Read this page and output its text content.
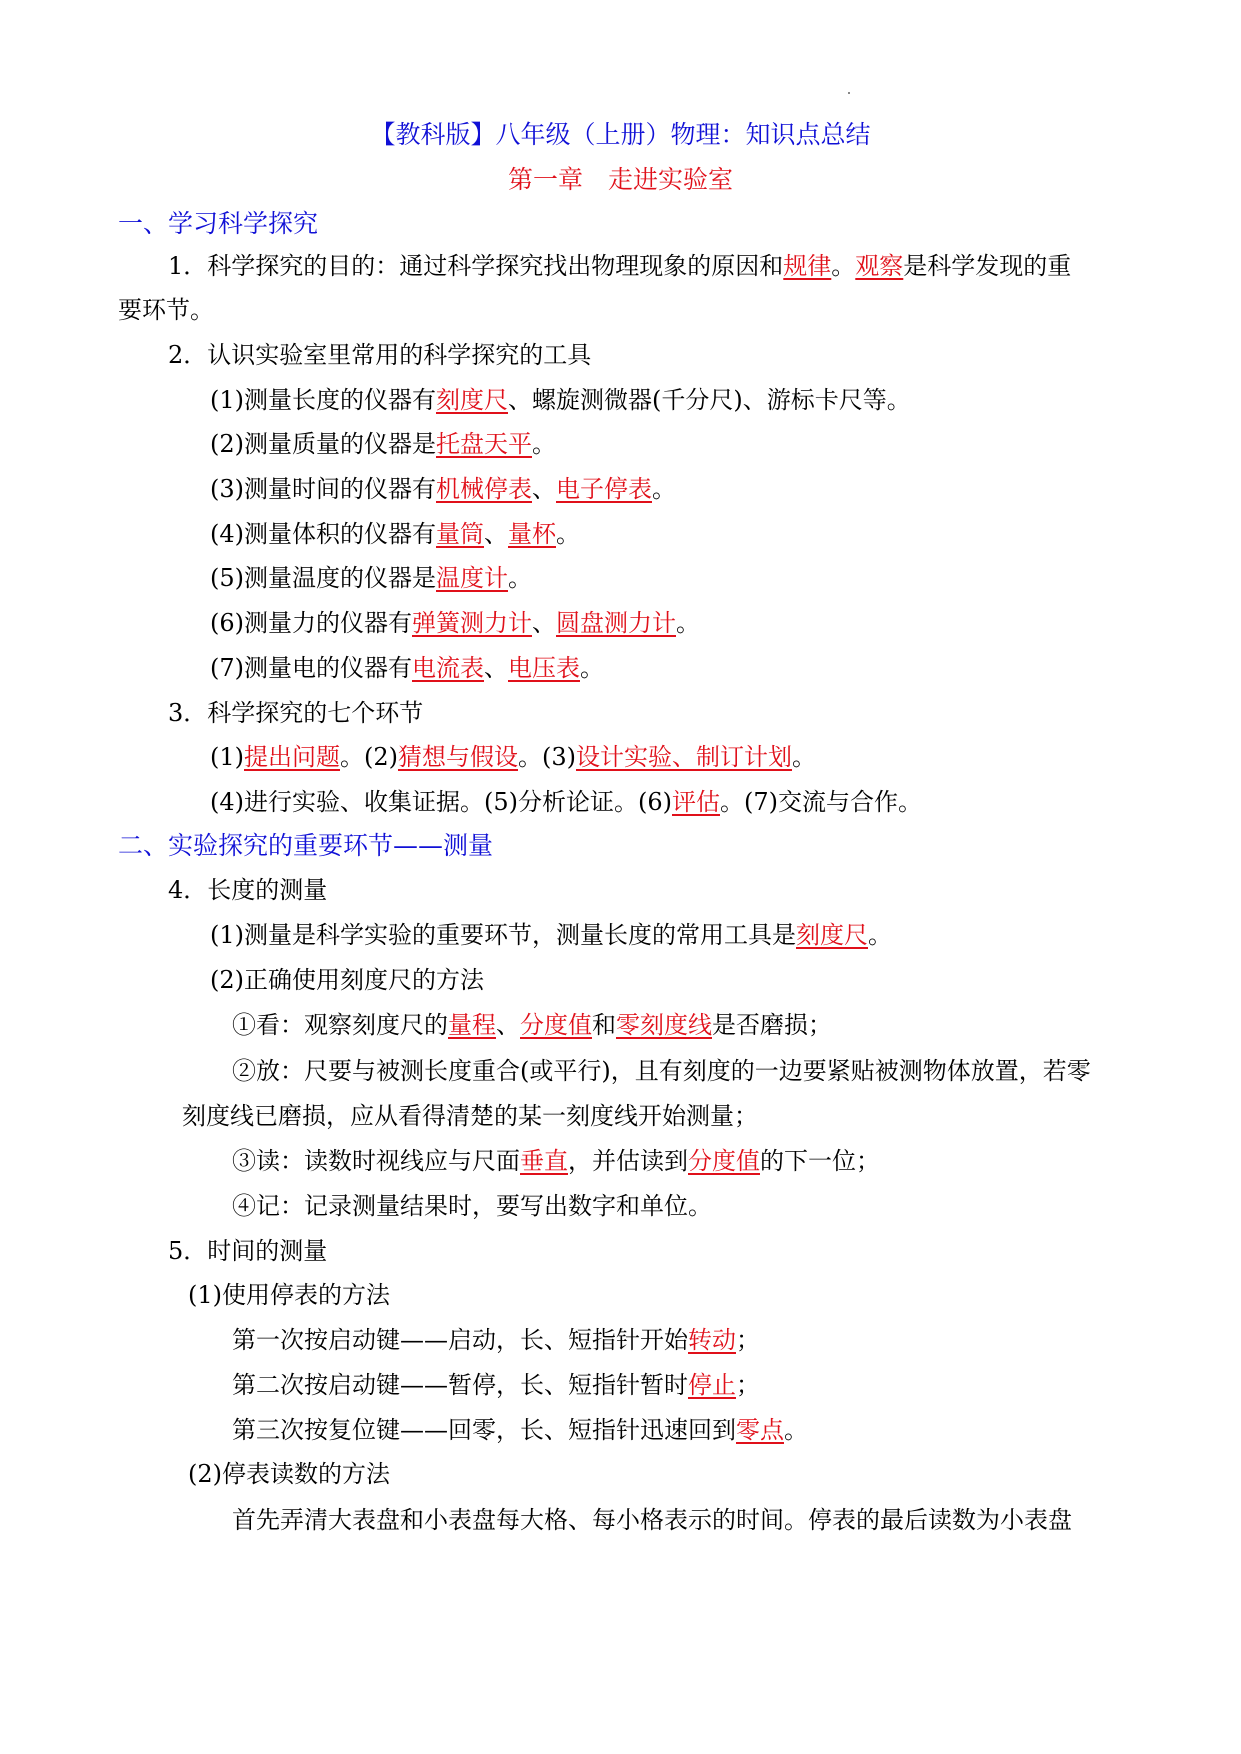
【教科版】八年级（上册）物理：知识点总结
第一章　走进实验室
一、学习科学探究
1．科学探究的目的：通过科学探究找出物理现象的原因和规律。观察是科学发现的重
要环节。
2．认识实验室里常用的科学探究的工具
(1)测量长度的仪器有刻度尺、螺旋测微器(千分尺)、游标卡尺等。
(2)测量质量的仪器是托盘天平。
(3)测量时间的仪器有机械停表、电子停表。
(4)测量体积的仪器有量筒、量杯。
(5)测量温度的仪器是温度计。
(6)测量力的仪器有弹簧测力计、圆盘测力计。
(7)测量电的仪器有电流表、电压表。
3．科学探究的七个环节
(1)提出问题。(2)猜想与假设。(3)设计实验、制订计划。
(4)进行实验、收集证据。(5)分析论证。(6)评估。(7)交流与合作。
二、实验探究的重要环节——测量
4．长度的测量
(1)测量是科学实验的重要环节，测量长度的常用工具是刻度尺。
(2)正确使用刻度尺的方法
①看：观察刻度尺的量程、分度值和零刻度线是否磨损；
②放：尺要与被测长度重合(或平行)，且有刻度的一边要紧贴被测物体放置，若零
刻度线已磨损，应从看得清楚的某一刻度线开始测量；
③读：读数时视线应与尺面垂直，并估读到分度值的下一位；
④记：记录测量结果时，要写出数字和单位。
5．时间的测量
(1)使用停表的方法
第一次按启动键——启动，长、短指针开始转动；
第二次按启动键——暂停，长、短指针暂时停止；
第三次按复位键——回零，长、短指针迅速回到零点。
(2)停表读数的方法
首先弄清大表盘和小表盘每大格、每小格表示的时间。停表的最后读数为小表盘
